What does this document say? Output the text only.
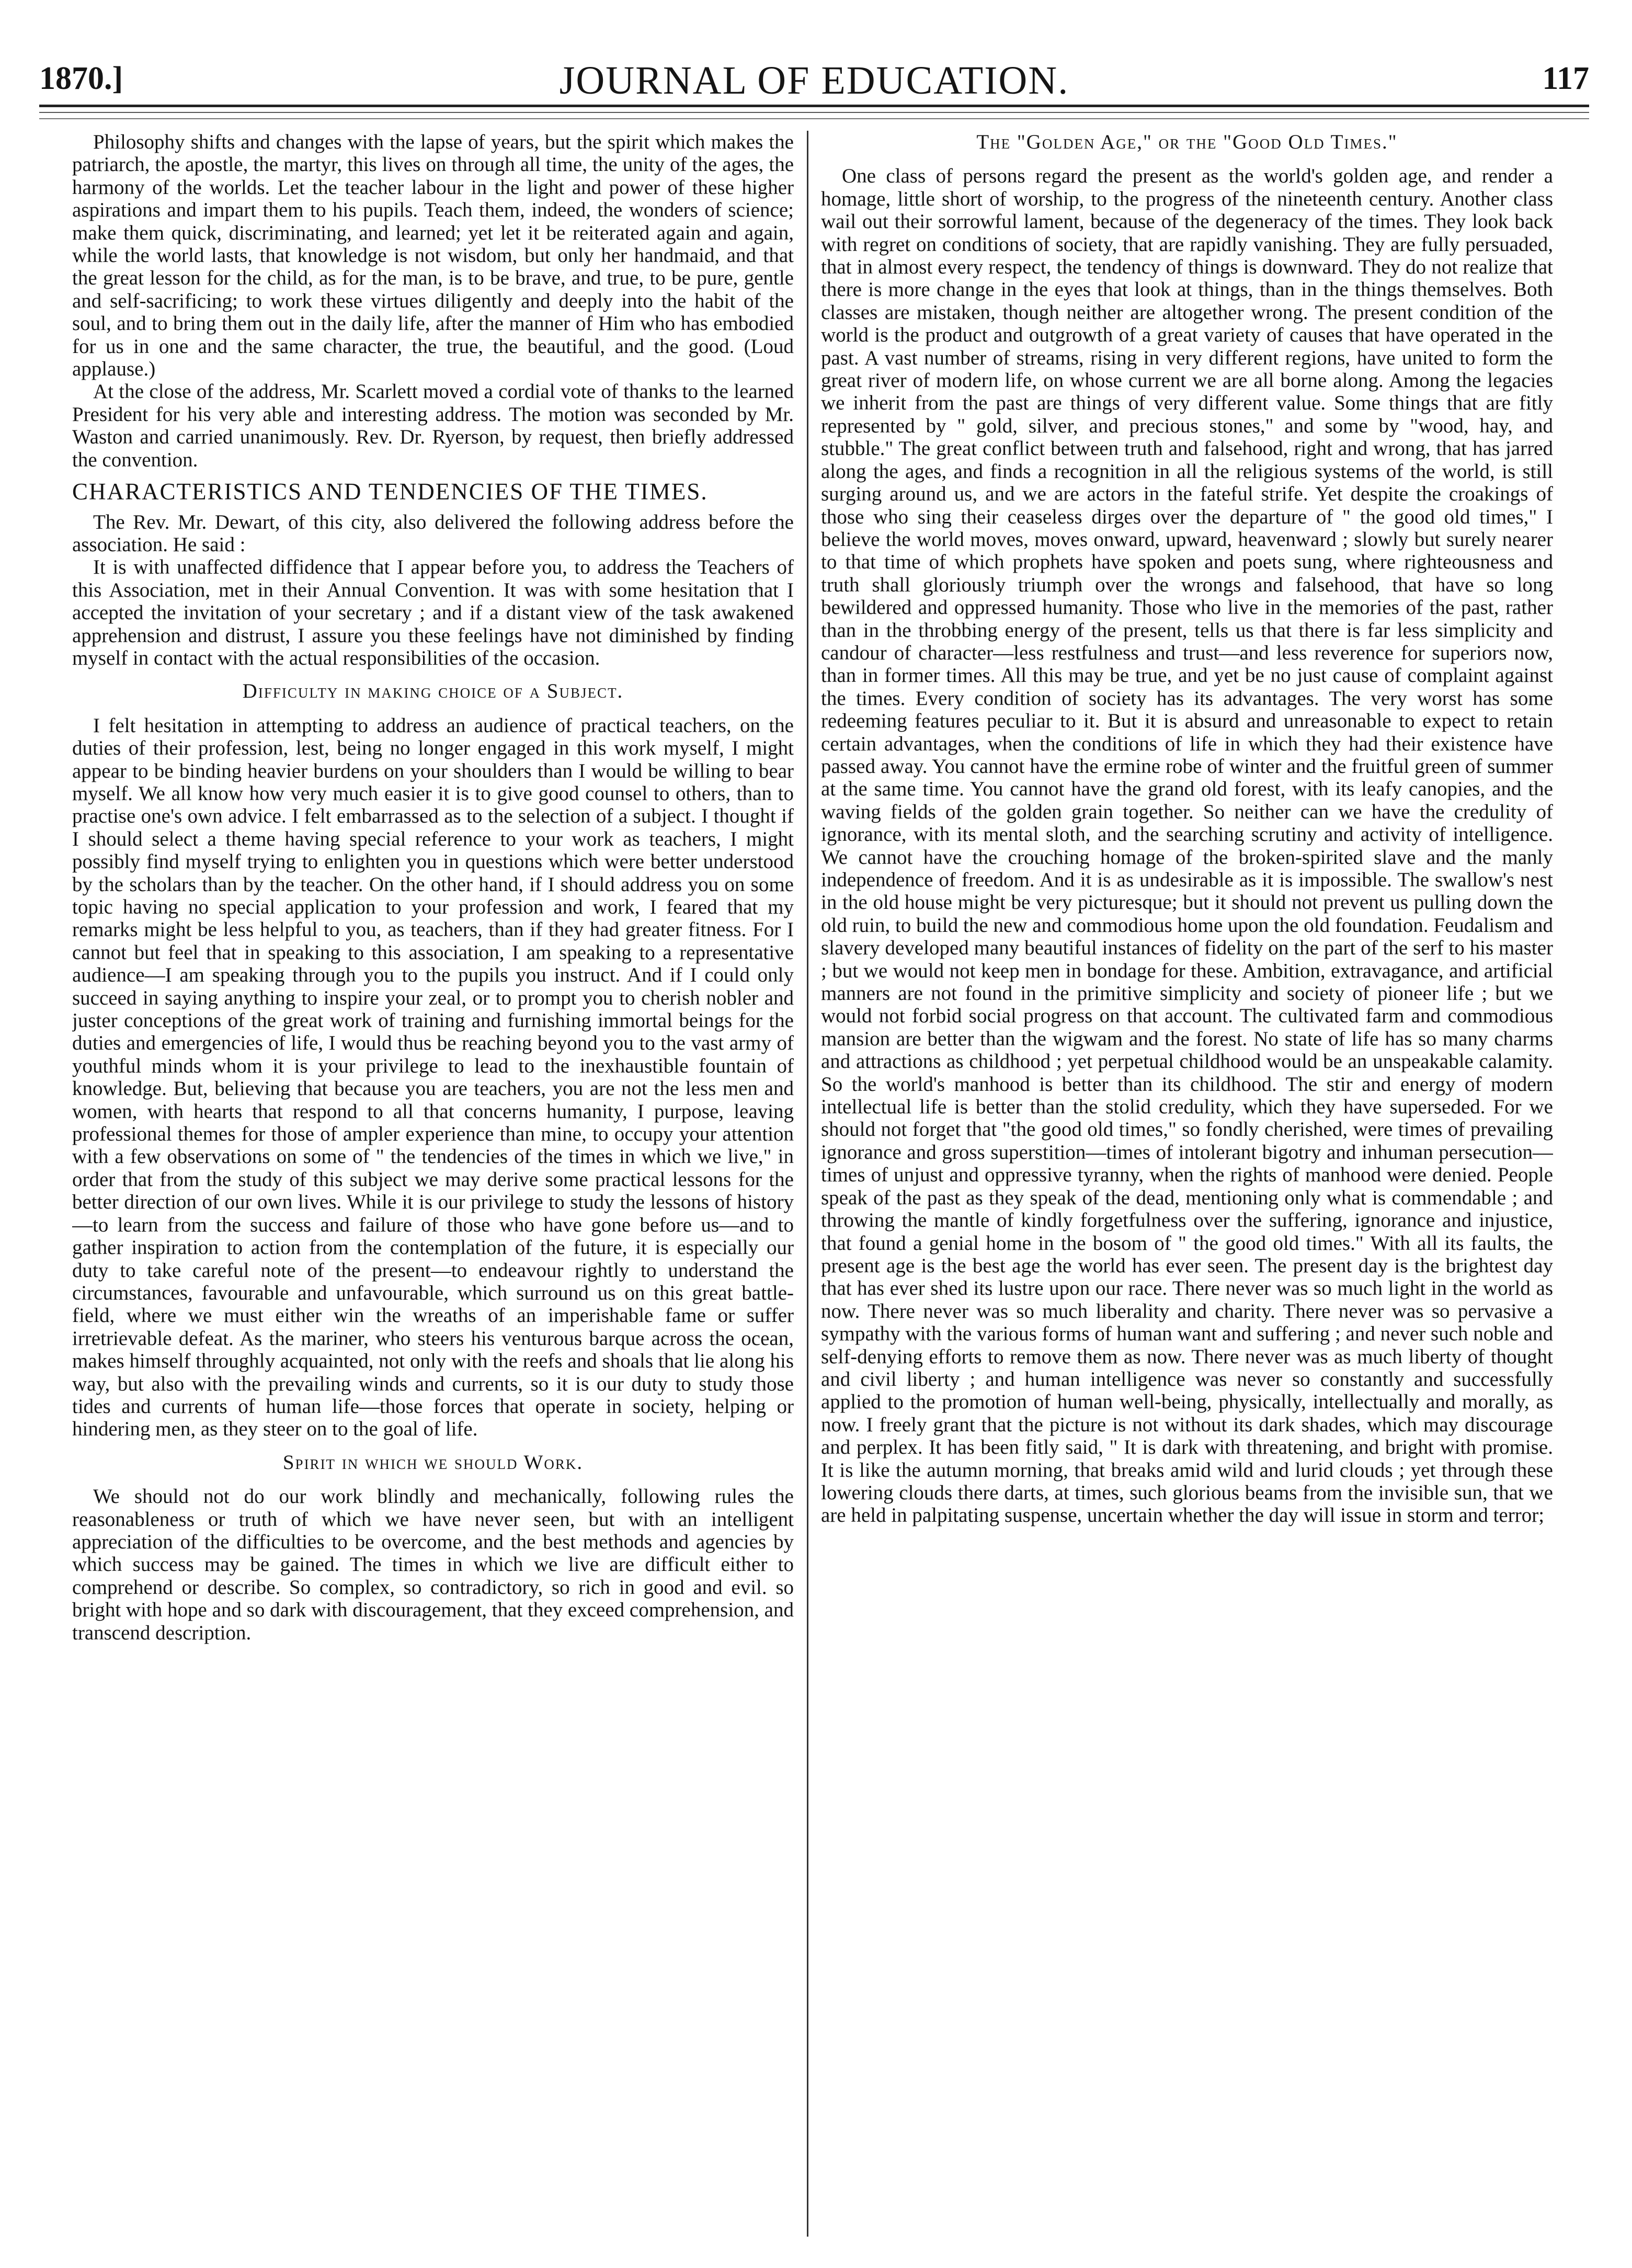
1870.]	JOURNAL OF EDUCATION.	117

Philosophy shifts and changes with the lapse of years, but the spirit which makes the patriarch, the apostle, the martyr, this lives on through all time, the unity of the ages, the harmony of the worlds. Let the teacher labour in the light and power of these higher aspirations and impart them to his pupils. Teach them, indeed, the wonders of science; make them quick, discriminating, and learned; yet let it be reiterated again and again, while the world lasts, that knowledge is not wisdom, but only her handmaid, and that the great lesson for the child, as for the man, is to be brave, and true, to be pure, gentle and self-sacrificing; to work these virtues diligently and deeply into the habit of the soul, and to bring them out in the daily life, after the manner of Him who has embodied for us in one and the same character, the true, the beautiful, and the good. (Loud applause.)

At the close of the address, Mr. Scarlett moved a cordial vote of thanks to the learned President for his very able and interesting address. The motion was seconded by Mr. Waston and carried unanimously. Rev. Dr. Ryerson, by request, then briefly addressed the convention.

CHARACTERISTICS AND TENDENCIES OF THE TIMES.

The Rev. Mr. Dewart, of this city, also delivered the following address before the association. He said :

It is with unaffected diffidence that I appear before you, to address the Teachers of this Association, met in their Annual Convention. It was with some hesitation that I accepted the invitation of your secretary ; and if a distant view of the task awakened apprehension and distrust, I assure you these feelings have not diminished by finding myself in contact with the actual responsibilities of the occasion.

Difficulty in making choice of a Subject.

I felt hesitation in attempting to address an audience of practical teachers, on the duties of their profession, lest, being no longer engaged in this work myself, I might appear to be binding heavier burdens on your shoulders than I would be willing to bear myself. We all know how very much easier it is to give good counsel to others, than to practise one's own advice. I felt embarrassed as to the selection of a subject. I thought if I should select a theme having special reference to your work as teachers, I might possibly find myself trying to enlighten you in questions which were better understood by the scholars than by the teacher. On the other hand, if I should address you on some topic having no special application to your profession and work, I feared that my remarks might be less helpful to you, as teachers, than if they had greater fitness. For I cannot but feel that in speaking to this association, I am speaking to a representative audience—I am speaking through you to the pupils you instruct. And if I could only succeed in saying anything to inspire your zeal, or to prompt you to cherish nobler and juster conceptions of the great work of training and furnishing immortal beings for the duties and emergencies of life, I would thus be reaching beyond you to the vast army of youthful minds whom it is your privilege to lead to the inexhaustible fountain of knowledge. But, believing that because you are teachers, you are not the less men and women, with hearts that respond to all that concerns humanity, I purpose, leaving professional themes for those of ampler experience than mine, to occupy your attention with a few observations on some of " the tendencies of the times in which we live," in order that from the study of this subject we may derive some practical lessons for the better direction of our own lives. While it is our privilege to study the lessons of history—to learn from the success and failure of those who have gone before us—and to gather inspiration to action from the contemplation of the future, it is especially our duty to take careful note of the present—to endeavour rightly to understand the circumstances, favourable and unfavourable, which surround us on this great battle-field, where we must either win the wreaths of an imperishable fame or suffer irretrievable defeat. As the mariner, who steers his venturous barque across the ocean, makes himself throughly acquainted, not only with the reefs and shoals that lie along his way, but also with the prevailing winds and currents, so it is our duty to study those tides and currents of human life—those forces that operate in society, helping or hindering men, as they steer on to the goal of life.

Spirit in which we should Work.

We should not do our work blindly and mechanically, following rules the reasonableness or truth of which we have never seen, but with an intelligent appreciation of the difficulties to be overcome, and the best methods and agencies by which success may be gained. The times in which we live are difficult either to comprehend or describe. So complex, so contradictory, so rich in good and evil. so bright with hope and so dark with discouragement, that they exceed comprehension, and transcend description.

The "Golden Age," or the "Good Old Times."

One class of persons regard the present as the world's golden age, and render a homage, little short of worship, to the progress of the nineteenth century. Another class wail out their sorrowful lament, because of the degeneracy of the times. They look back with regret on conditions of society, that are rapidly vanishing. They are fully persuaded, that in almost every respect, the tendency of things is downward. They do not realize that there is more change in the eyes that look at things, than in the things themselves. Both classes are mistaken, though neither are altogether wrong. The present condition of the world is the product and outgrowth of a great variety of causes that have operated in the past. A vast number of streams, rising in very different regions, have united to form the great river of modern life, on whose current we are all borne along. Among the legacies we inherit from the past are things of very different value. Some things that are fitly represented by " gold, silver, and precious stones," and some by "wood, hay, and stubble." The great conflict between truth and falsehood, right and wrong, that has jarred along the ages, and finds a recognition in all the religious systems of the world, is still surging around us, and we are actors in the fateful strife. Yet despite the croakings of those who sing their ceaseless dirges over the departure of " the good old times," I believe the world moves, moves onward, upward, heavenward ; slowly but surely nearer to that time of which prophets have spoken and poets sung, where righteousness and truth shall gloriously triumph over the wrongs and falsehood, that have so long bewildered and oppressed humanity. Those who live in the memories of the past, rather than in the throbbing energy of the present, tells us that there is far less simplicity and candour of character—less restfulness and trust—and less reverence for superiors now, than in former times. All this may be true, and yet be no just cause of complaint against the times. Every condition of society has its advantages. The very worst has some redeeming features peculiar to it. But it is absurd and unreasonable to expect to retain certain advantages, when the conditions of life in which they had their existence have passed away. You cannot have the ermine robe of winter and the fruitful green of summer at the same time. You cannot have the grand old forest, with its leafy canopies, and the waving fields of the golden grain together. So neither can we have the credulity of ignorance, with its mental sloth, and the searching scrutiny and activity of intelligence. We cannot have the crouching homage of the broken-spirited slave and the manly independence of freedom. And it is as undesirable as it is impossible. The swallow's nest in the old house might be very picturesque; but it should not prevent us pulling down the old ruin, to build the new and commodious home upon the old foundation. Feudalism and slavery developed many beautiful instances of fidelity on the part of the serf to his master ; but we would not keep men in bondage for these. Ambition, extravagance, and artificial manners are not found in the primitive simplicity and society of pioneer life ; but we would not forbid social progress on that account. The cultivated farm and commodious mansion are better than the wigwam and the forest. No state of life has so many charms and attractions as childhood ; yet perpetual childhood would be an unspeakable calamity. So the world's manhood is better than its childhood. The stir and energy of modern intellectual life is better than the stolid credulity, which they have superseded. For we should not forget that "the good old times," so fondly cherished, were times of prevailing ignorance and gross superstition—times of intolerant bigotry and inhuman persecution—times of unjust and oppressive tyranny, when the rights of manhood were denied. People speak of the past as they speak of the dead, mentioning only what is commendable ; and throwing the mantle of kindly forgetfulness over the suffering, ignorance and injustice, that found a genial home in the bosom of " the good old times." With all its faults, the present age is the best age the world has ever seen. The present day is the brightest day that has ever shed its lustre upon our race. There never was so much light in the world as now. There never was so much liberality and charity. There never was so pervasive a sympathy with the various forms of human want and suffering ; and never such noble and self-denying efforts to remove them as now. There never was as much liberty of thought and civil liberty ; and human intelligence was never so constantly and successfully applied to the promotion of human well-being, physically, intellectually and morally, as now. I freely grant that the picture is not without its dark shades, which may discourage and perplex. It has been fitly said, " It is dark with threatening, and bright with promise. It is like the autumn morning, that breaks amid wild and lurid clouds ; yet through these lowering clouds there darts, at times, such glorious beams from the invisible sun, that we are held in palpitating suspense, uncertain whether the day will issue in storm and terror;
